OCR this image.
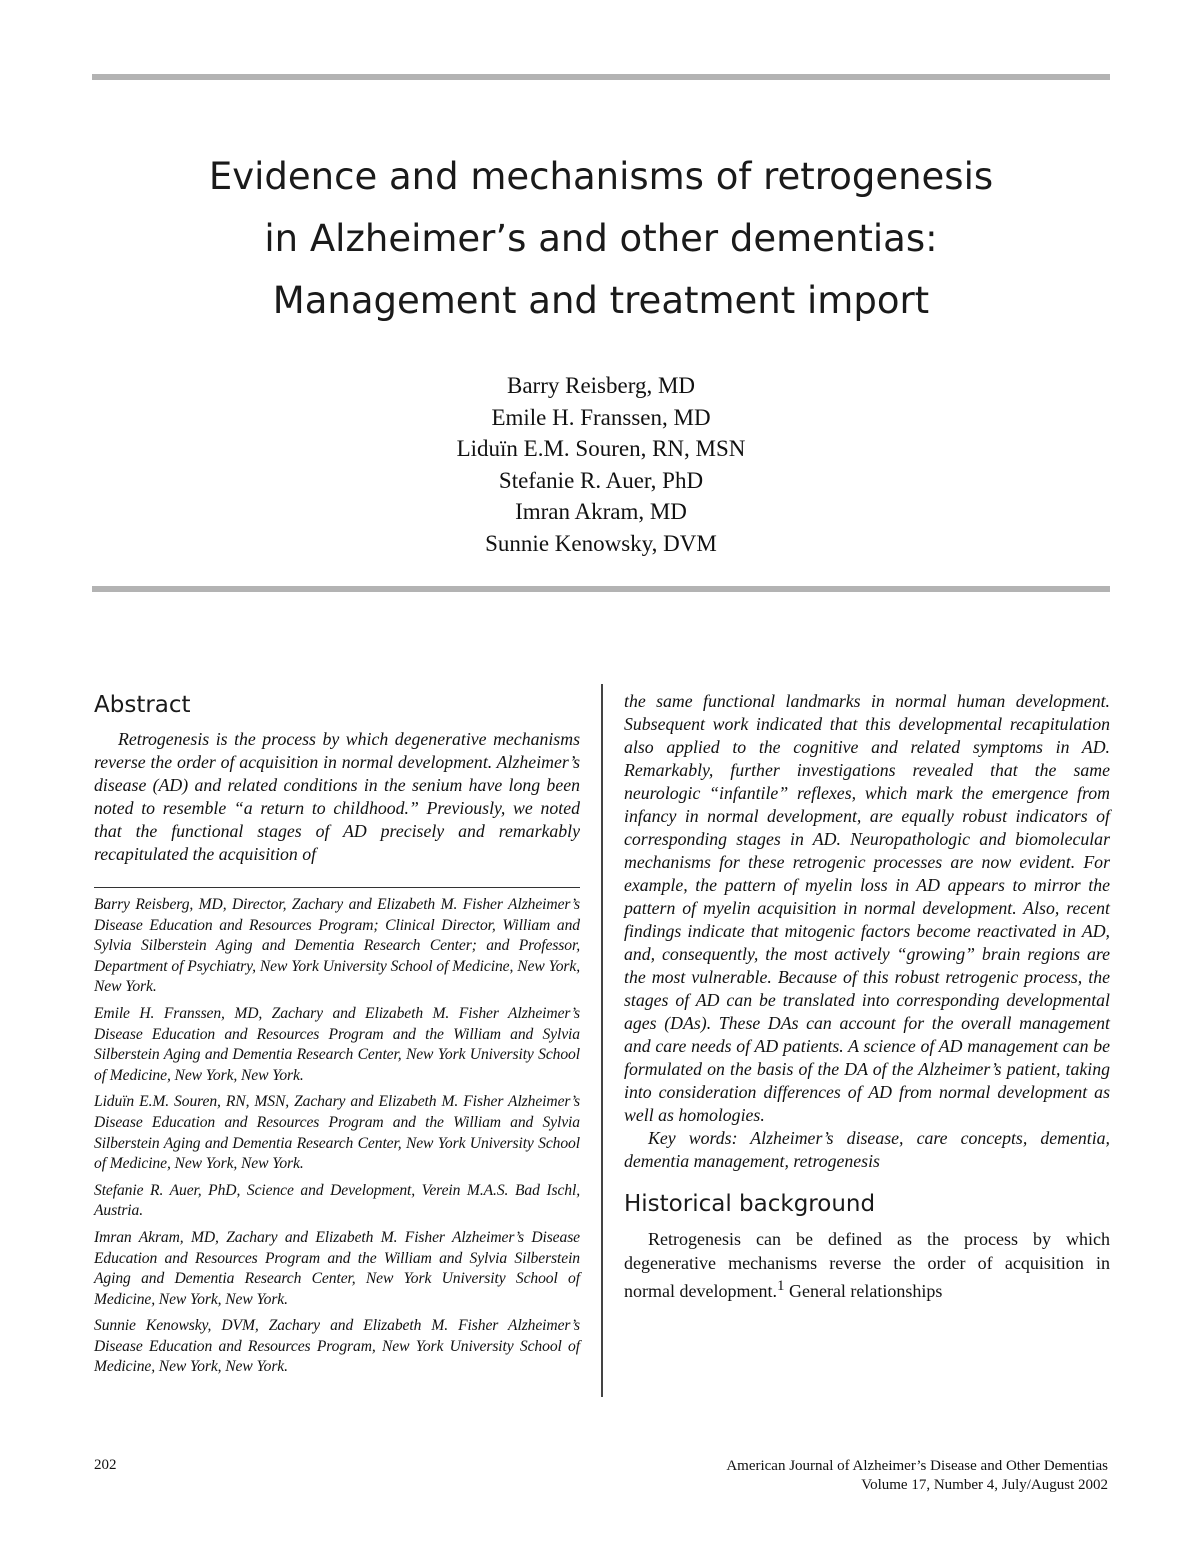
Evidence and mechanisms of retrogenesis
in Alzheimer’s and other dementias:
Management and treatment import
Barry Reisberg, MD
Emile H. Franssen, MD
Liduïn E.M. Souren, RN, MSN
Stefanie R. Auer, PhD
Imran Akram, MD
Sunnie Kenowsky, DVM
Abstract

Retrogenesis is the process by which degenerative mechanisms reverse the order of acquisition in normal development. Alzheimer’s disease (AD) and related conditions in the senium have long been noted to resemble “a return to childhood.” Previously, we noted that the functional stages of AD precisely and remarkably recapitulated the acquisition of

Barry Reisberg, MD, Director, Zachary and Elizabeth M. Fisher Alzheimer’s Disease Education and Resources Program; Clinical Director, William and Sylvia Silberstein Aging and Dementia Research Center; and Professor, Department of Psychiatry, New York University School of Medicine, New York, New York.

Emile H. Franssen, MD, Zachary and Elizabeth M. Fisher Alzheimer’s Disease Education and Resources Program and the William and Sylvia Silberstein Aging and Dementia Research Center, New York University School of Medicine, New York, New York.

Liduïn E.M. Souren, RN, MSN, Zachary and Elizabeth M. Fisher Alzheimer’s Disease Education and Resources Program and the William and Sylvia Silberstein Aging and Dementia Research Center, New York University School of Medicine, New York, New York.

Stefanie R. Auer, PhD, Science and Development, Verein M.A.S. Bad Ischl, Austria.

Imran Akram, MD, Zachary and Elizabeth M. Fisher Alzheimer’s Disease Education and Resources Program and the William and Sylvia Silberstein Aging and Dementia Research Center, New York University School of Medicine, New York, New York.

Sunnie Kenowsky, DVM, Zachary and Elizabeth M. Fisher Alzheimer’s Disease Education and Resources Program, New York University School of Medicine, New York, New York.

the same functional landmarks in normal human development. Subsequent work indicated that this developmental recapitulation also applied to the cognitive and related symptoms in AD. Remarkably, further investigations revealed that the same neurologic “infantile” reflexes, which mark the emergence from infancy in normal development, are equally robust indicators of corresponding stages in AD. Neuropathologic and biomolecular mechanisms for these retrogenic processes are now evident. For example, the pattern of myelin loss in AD appears to mirror the pattern of myelin acquisition in normal development. Also, recent findings indicate that mitogenic factors become reactivated in AD, and, consequently, the most actively “growing” brain regions are the most vulnerable. Because of this robust retrogenic process, the stages of AD can be translated into corresponding developmental ages (DAs). These DAs can account for the overall management and care needs of AD patients. A science of AD management can be formulated on the basis of the DA of the Alzheimer’s patient, taking into consideration differences of AD from normal development as well as homologies.

Key words: Alzheimer’s disease, care concepts, dementia, dementia management, retrogenesis

Historical background

Retrogenesis can be defined as the process by which degenerative mechanisms reverse the order of acquisition in normal development.$^1$ General relationships

202	American Journal of Alzheimer’s Disease and Other Dementias
Volume 17, Number 4, July/August 2002
